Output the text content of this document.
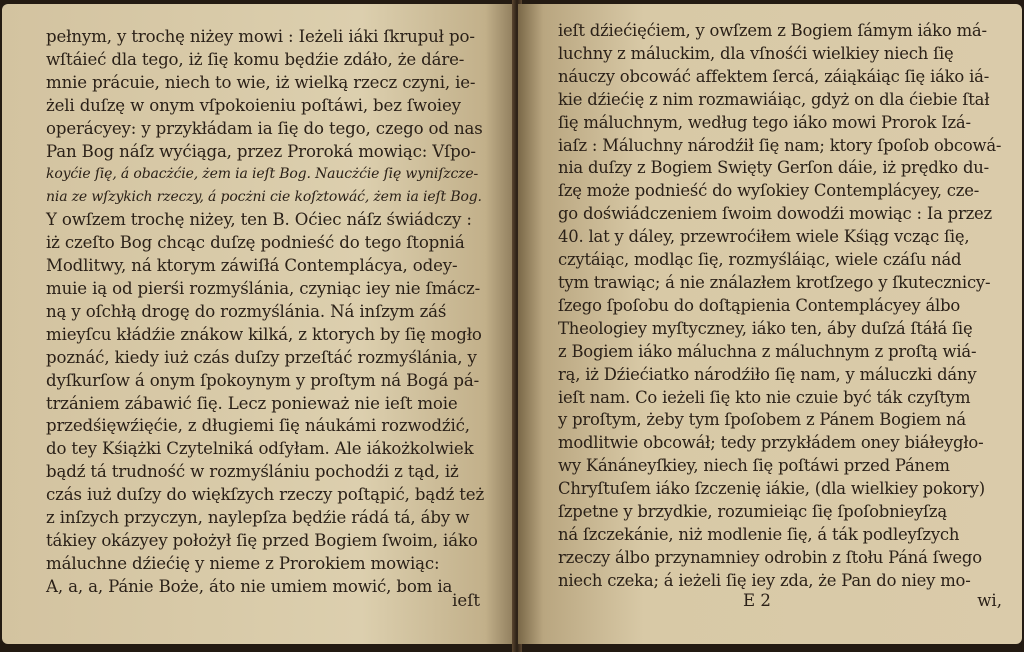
pełnym, y trochę niżey mowi : Ieżeli iáki ſkrupuł po-
wſtáieć dla tego, iż ſię komu będźie zdáło, że dáre-
mnie prácuie, niech to wie, iż wielką rzecz czyni, ie-
żeli duſzę w onym vſpokoieniu poſtáwi, bez ſwoiey
operácyey: y przykłádam ia ſię do tego, czego od nas
Pan Bog náſz wyćiąga, przez Proroká mowiąc: Vſpo-
koyćie ſię, á obacżćie, żem ia ieſt Bog. Naucżćie ſię wyniſzcze-
nia ze wſzykich rzeczy, á pocżni cie koſztowáć, żem ia ieſt Bog.
Y owſzem trochę niżey, ten B. Oćiec náſz świádczy :
iż czeſto Bog chcąc duſzę podnieść do tego ſtopniá
Modlitwy, ná ktorym záwiſłá Contemplácya, odey-
muie ią od pierśi rozmyślánia, czyniąc iey nie ſmácz-
ną y oſchłą drogę do rozmyślánia. Ná inſzym záś
mieyſcu kłádźie znákow kilká, z ktorych by ſię mogło
poznáć, kiedy iuż czás duſzy przeſtáć rozmyślánia, y
dyſkurſow á onym ſpokoynym y proſtym ná Bogá pá-
trzániem zábawić ſię. Lecz ponieważ nie ieſt moie
przedśięwźięćie, z długiemi ſię náukámi rozwodźić,
do tey Kśiążki Czytelniká odſyłam. Ale iákożkolwiek
bądź tá trudność w rozmyślániu pochodźi z tąd, iż
czás iuż duſzy do więkſzych rzeczy poſtąpić, bądź też
z inſzych przyczyn, naylepſza będźie rádá tá, áby w
tákiey okázyey położył ſię przed Bogiem ſwoim, iáko
máluchne dźiećię y nieme z Prorokiem mowiąc:
A, a, a, Pánie Boże, áto nie umiem mowić, bom ia
ieſt
ieſt dźiećięćiem, y owſzem z Bogiem ſámym iáko má-
luchny z máluckim, dla vſnośći wielkiey niech ſię
náuczy obcowáć affektem ſercá, záiąkáiąc ſię iáko iá-
kie dźiećię z nim rozmawiáiąc, gdyż on dla ćiebie ſtał
ſię máluchnym, według tego iáko mowi Prorok Izá-
iaſz : Máluchny národźił ſię nam; ktory ſpoſob obcowá-
nia duſzy z Bogiem Swięty Gerſon dáie, iż prędko du-
ſzę może podnieść do wyſokiey Contemplácyey, cze-
go doświádczeniem ſwoim dowodźi mowiąc : Ia przez
40. lat y dáley, przewrоćiłem wiele Kśiąg vcząc ſię,
czytáiąc, modląc ſię, rozmyśláiąc, wiele czáſu nád
tym trawiąc; á nie ználazłem krotſzego y ſkutecznicy-
ſzego ſpoſobu do doſtąpienia Contemplácyey álbo
Theologiey myſtyczney, iáko ten, áby duſzá ſtáłá ſię
z Bogiem iáko máluchna z máluchnym z proſtą wiá-
rą, iż Dźiećiatko národźiło ſię nam, y máluczki dány
ieſt nam. Co ieżeli ſię kto nie czuie być ták czyſtym
y proſtym, żeby tym ſpoſobem z Pánem Bogiem ná
modlitwie obcowáł; tedy przykłádem oney biáłeygło-
wy Kánáneyſkiey, niech ſię poſtáwi przed Pánem
Chryſtuſem iáko ſzczenię iákie, (dla wielkiey pokory)
ſzpetne y brzydkie, rozumieiąc ſię ſpoſobnieyſzą
ná ſzczekánie, niż modlenie ſię, á ták podleyſzych
rzeczy álbo przynamniey odrobin z ſtołu Páná ſwego
niech czeka; á ieżeli ſię iey zda, że Pan do niey mo-
E 2	wi,
